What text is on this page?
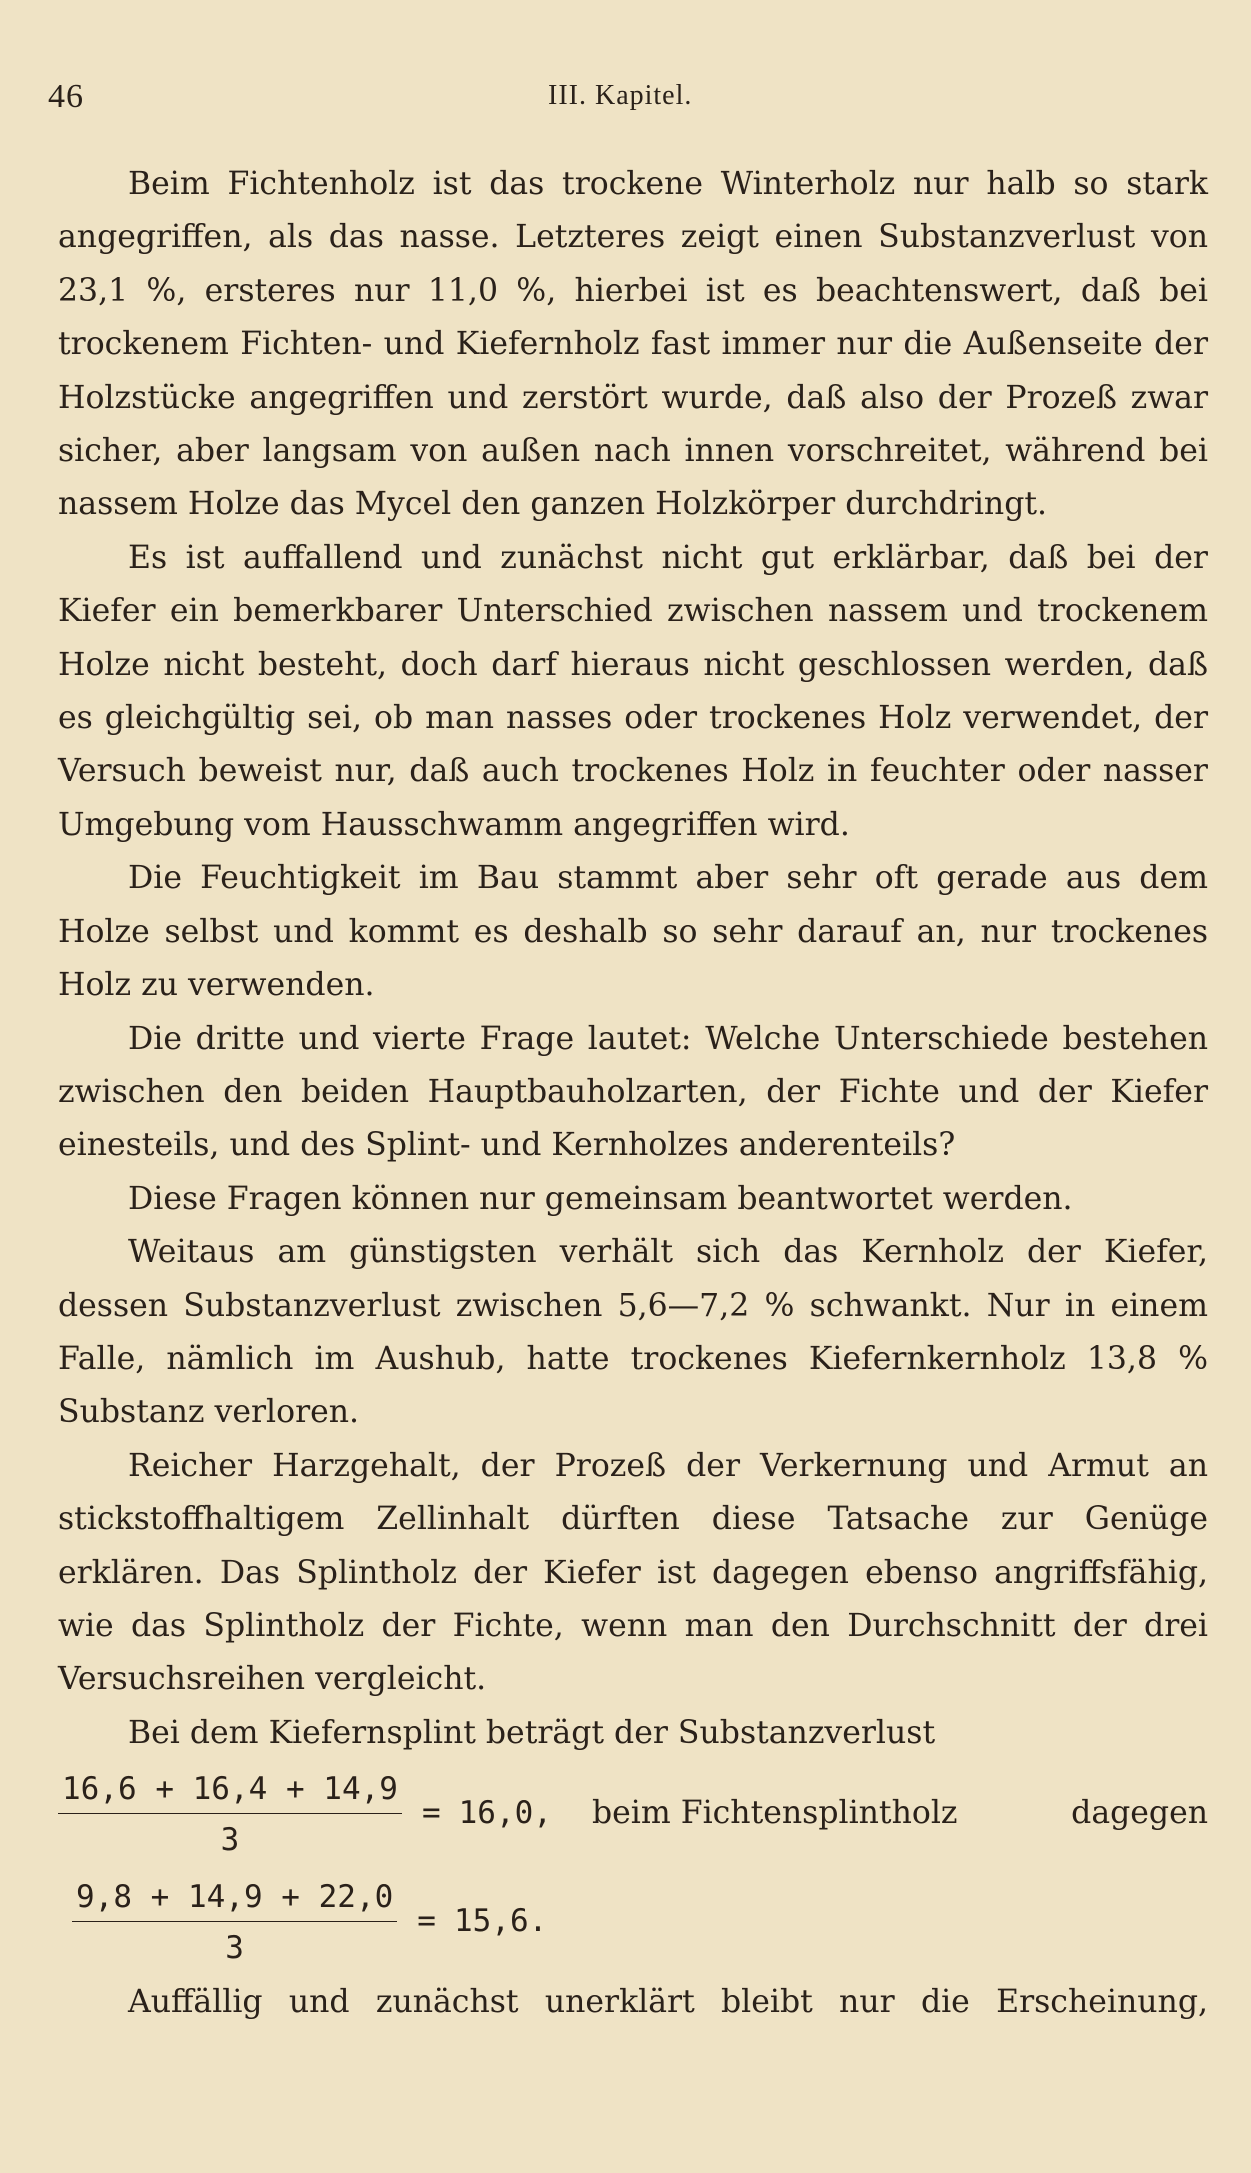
46	III. Kapitel.

Beim Fichtenholz ist das trockene Winterholz nur halb so stark angegriffen, als das nasse. Letzteres zeigt einen Substanzverlust von 23,1 %, ersteres nur 11,0 %, hierbei ist es beachtenswert, daß bei trockenem Fichten- und Kiefernholz fast immer nur die Außenseite der Holzstücke angegriffen und zerstört wurde, daß also der Prozeß zwar sicher, aber langsam von außen nach innen vorschreitet, während bei nassem Holze das Mycel den ganzen Holzkörper durchdringt.

Es ist auffallend und zunächst nicht gut erklärbar, daß bei der Kiefer ein bemerkbarer Unterschied zwischen nassem und trockenem Holze nicht besteht, doch darf hieraus nicht geschlossen werden, daß es gleichgültig sei, ob man nasses oder trockenes Holz verwendet, der Versuch beweist nur, daß auch trockenes Holz in feuchter oder nasser Umgebung vom Hausschwamm angegriffen wird.

Die Feuchtigkeit im Bau stammt aber sehr oft gerade aus dem Holze selbst und kommt es deshalb so sehr darauf an, nur trockenes Holz zu verwenden.

Die dritte und vierte Frage lautet: Welche Unterschiede bestehen zwischen den beiden Hauptbauholzarten, der Fichte und der Kiefer einesteils, und des Splint- und Kernholzes anderenteils?

Diese Fragen können nur gemeinsam beantwortet werden.

Weitaus am günstigsten verhält sich das Kernholz der Kiefer, dessen Substanzverlust zwischen 5,6—7,2 % schwankt. Nur in einem Falle, nämlich im Aushub, hatte trockenes Kiefernkernholz 13,8 % Substanz verloren.

Reicher Harzgehalt, der Prozeß der Verkernung und Armut an stickstoffhaltigem Zellinhalt dürften diese Tatsache zur Genüge erklären. Das Splintholz der Kiefer ist dagegen ebenso angriffsfähig, wie das Splintholz der Fichte, wenn man den Durchschnitt der drei Versuchsreihen vergleicht.

Bei dem Kiefernsplint beträgt der Substanzverlust

$\frac{16,6 + 16,4 + 14,9}{3} = 16,0$, beim Fichtensplintholz	dagegen
$\frac{9,8 + 14,9 + 22,0}{3} = 15,6$.

Auffällig und zunächst unerklärt bleibt nur die Erscheinung,
